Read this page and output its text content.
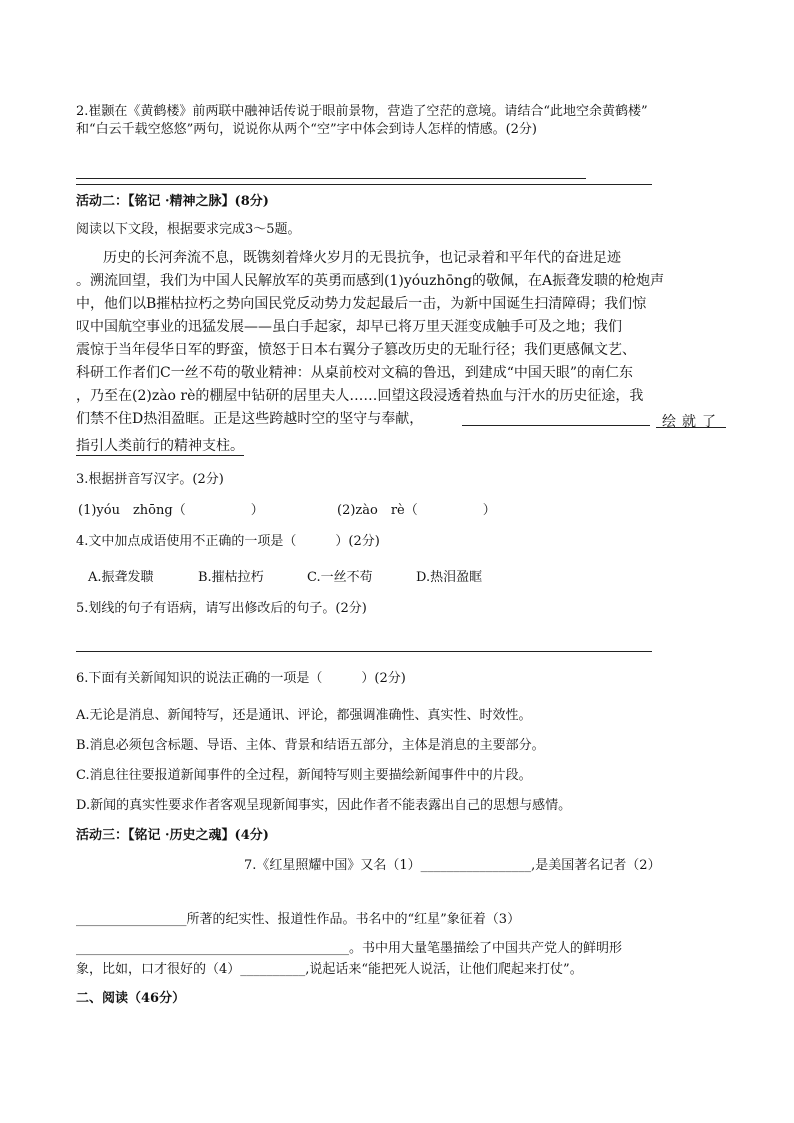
2.崔颢在《黄鹤楼》前两联中融神话传说于眼前景物，营造了空茫的意境。请结合“此地空余黄鹤楼”
和“白云千载空悠悠”两句，说说你从两个“空”字中体会到诗人怎样的情感。(2分)
活动二：【铭记 ·精神之脉】(8分)
阅读以下文段，根据要求完成3～5题。
历史的长河奔流不息，既镌刻着烽火岁月的无畏抗争，也记录着和平年代的奋进足迹
。溯流回望，我们为中国人民解放军的英勇而感到(1)yóuzhōng的敬佩，在A振聋发聩的枪炮声
中，他们以B摧枯拉朽之势向国民党反动势力发起最后一击，为新中国诞生扫清障碍；我们惊
叹中国航空事业的迅猛发展——虽白手起家，却早已将万里天涯变成触手可及之地；我们
震惊于当年侵华日军的野蛮，愤怒于日本右翼分子篡改历史的无耻行径；我们更感佩文艺、
科研工作者们C一丝不苟的敬业精神：从桌前校对文稿的鲁迅，到建成“中国天眼”的南仁东
，乃至在(2)zào rè的棚屋中钻研的居里夫人……回望这段浸透着热血与汗水的历史征途，我
们禁不住D热泪盈眶。正是这些跨越时空的坚守与奉献，	绘就了
指引人类前行的精神支柱。
3.根据拼音写汉字。(2分)
(1)yóu　zhōng（　　　　　）	(2)zào　rè（　　　　　）
4.文中加点成语使用不正确的一项是（　　　）(2分)
A.振聋发聩	B.摧枯拉朽	C.一丝不苟	D.热泪盈眶
5.划线的句子有语病，请写出修改后的句子。(2分)
6.下面有关新闻知识的说法正确的一项是（　　　）(2分)
A.无论是消息、新闻特写，还是通讯、评论，都强调准确性、真实性、时效性。
B.消息必须包含标题、导语、主体、背景和结语五部分，主体是消息的主要部分。
C.消息往往要报道新闻事件的全过程，新闻特写则主要描绘新闻事件中的片段。
D.新闻的真实性要求作者客观呈现新闻事实，因此作者不能表露出自己的思想与感情。
活动三：【铭记 ·历史之魂】(4分)
7.《红星照耀中国》又名（1）_________________,是美国著名记者（2）
_________________所著的纪实性、报道性作品。书名中的“红星”象征着（3）
__________________________________________。书中用大量笔墨描绘了中国共产党人的鲜明形
象，比如，口才很好的（4）__________,说起话来“能把死人说活，让他们爬起来打仗”。
二、阅读（46分）
